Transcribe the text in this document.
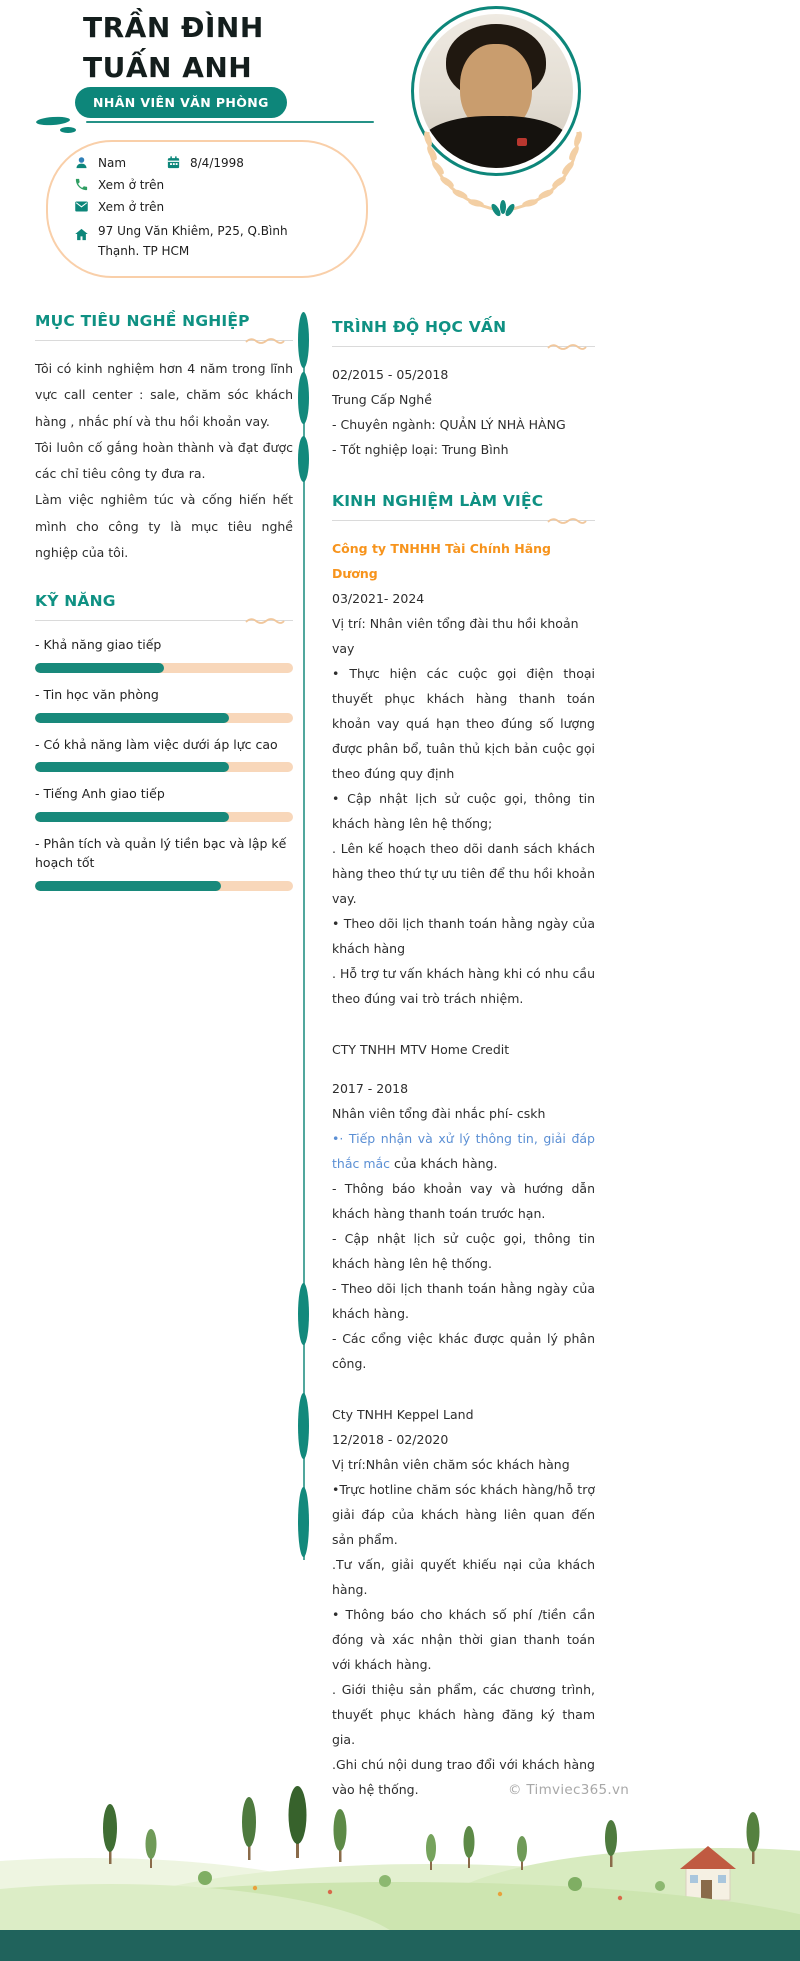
TRẦN ĐÌNH TUẤN ANH
NHÂN VIÊN VĂN PHÒNG
Nam	8/4/1998
Xem ở trên
Xem ở trên
97 Ung Văn Khiêm, P25, Q.Bình Thạnh. TP HCM
MỤC TIÊU NGHỀ NGHIỆP

Tôi có kinh nghiệm hơn 4 năm trong lĩnh vực call center : sale, chăm sóc khách hàng , nhắc phí và thu hồi khoản vay.

Tôi luôn cố gắng hoàn thành và đạt được các chỉ tiêu công ty đưa ra.

Làm việc nghiêm túc và cống hiến hết mình cho công ty là mục tiêu nghề nghiệp của tôi.

KỸ NĂNG
- Khả năng giao tiếp
- Tin học văn phòng
- Có khả năng làm việc dưới áp lực cao
- Tiếng Anh giao tiếp
- Phân tích và quản lý tiền bạc và lập kế hoạch tốt
TRÌNH ĐỘ HỌC VẤN
02/2015 - 05/2018
Trung Cấp Nghề
- Chuyên ngành: QUẢN LÝ NHÀ HÀNG
- Tốt nghiệp loại: Trung Bình
KINH NGHIỆM LÀM VIỆC
Công ty TNHHH Tài Chính Hãng Dương
03/2021- 2024
Vị trí: Nhân viên tổng đài thu hồi khoản vay
• Thực hiện các cuộc gọi điện thoại thuyết phục khách hàng thanh toán khoản vay quá hạn theo đúng số lượng được phân bổ, tuân thủ kịch bản cuộc gọi theo đúng quy định
• Cập nhật lịch sử cuộc gọi, thông tin khách hàng lên hệ thống;
. Lên kế hoạch theo dõi danh sách khách hàng theo thứ tự ưu tiên để thu hồi khoản vay.
• Theo dõi lịch thanh toán hằng ngày của khách hàng
. Hỗ trợ tư vấn khách hàng khi có nhu cầu theo đúng vai trò trách nhiệm.
CTY TNHH MTV Home Credit
2017 - 2018
Nhân viên tổng đài nhắc phí- cskh
•· Tiếp nhận và xử lý thông tin, giải đáp thắc mắc của khách hàng.
- Thông báo khoản vay và hướng dẫn khách hàng thanh toán trước hạn.
- Cập nhật lịch sử cuộc gọi, thông tin khách hàng lên hệ thống.
- Theo dõi lịch thanh toán hằng ngày của khách hàng.
- Các cổng việc khác được quản lý phân công.
Cty TNHH Keppel Land
12/2018 - 02/2020
Vị trí:Nhân viên chăm sóc khách hàng
•Trực hotline chăm sóc khách hàng/hỗ trợ giải đáp của khách hàng liên quan đến sản phẩm.
.Tư vấn, giải quyết khiếu nại của khách hàng.
• Thông báo cho khách số phí /tiền cần đóng và xác nhận thời gian thanh toán với khách hàng.
. Giới thiệu sản phẩm, các chương trình, thuyết phục khách hàng đăng ký tham gia.
.Ghi chú nội dung trao đổi với khách hàng vào hệ thống.	© Timviec365.vn
